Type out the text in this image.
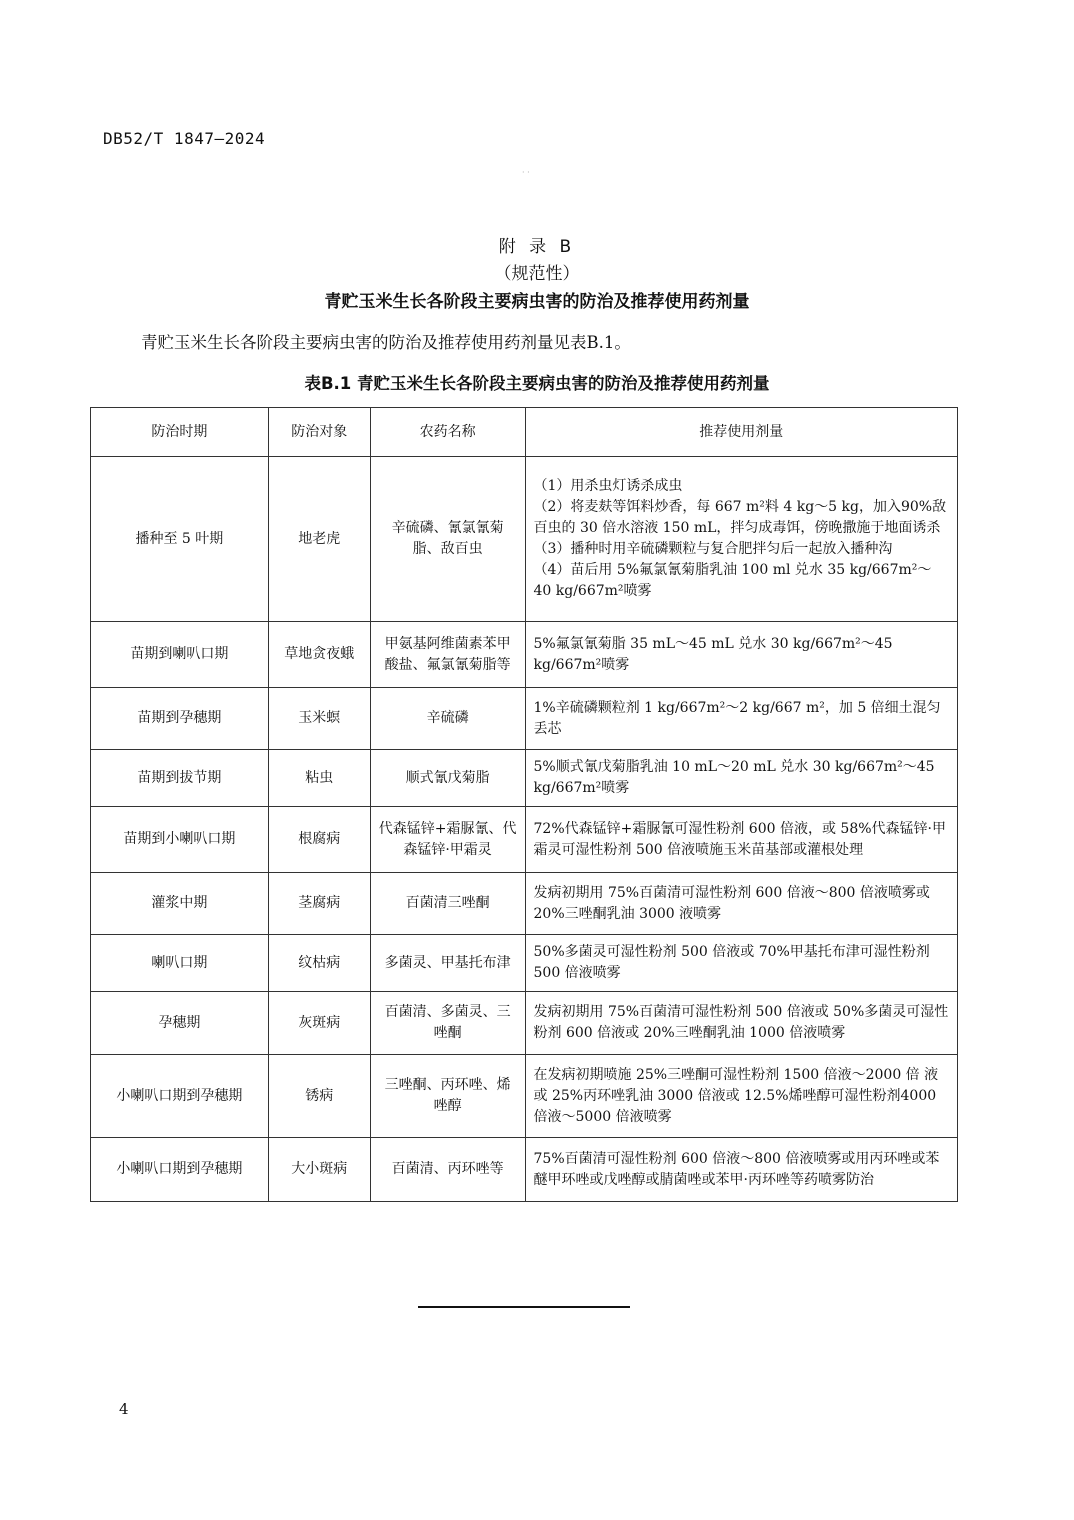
DB52/T 1847—2024
· ·
附 录 B
（规范性）
青贮玉米生长各阶段主要病虫害的防治及推荐使用药剂量
青贮玉米生长各阶段主要病虫害的防治及推荐使用药剂量见表B.1。
表B.1 青贮玉米生长各阶段主要病虫害的防治及推荐使用药剂量
防治时期	防治对象	农药名称	推荐使用剂量
播种至 5 叶期	地老虎	辛硫磷、氰氯氰菊脂、敌百虫	（1）用杀虫灯诱杀成虫
（2）将麦麸等饵料炒香，每 667 m²料 4 kg～5 kg，加入90%敌百虫的 30 倍水溶液 150 mL，拌匀成毒饵，傍晚撒施于地面诱杀
（3）播种时用辛硫磷颗粒与复合肥拌匀后一起放入播种沟
（4）苗后用 5%氟氯氰菊脂乳油 100 ml 兑水 35 kg/667m²～40 kg/667m²喷雾

苗期到喇叭口期	草地贪夜蛾	甲氨基阿维菌素苯甲酸盐、氟氯氰菊脂等	5%氟氯氰菊脂 35 mL～45 mL 兑水 30 kg/667m²～45 kg/667m²喷雾

苗期到孕穗期	玉米螟	辛硫磷	1%辛硫磷颗粒剂 1 kg/667m²～2 kg/667 m²，加 5 倍细土混匀丢芯

苗期到拔节期	粘虫	顺式氰戊菊脂	5%顺式氰戊菊脂乳油 10 mL～20 mL 兑水 30 kg/667m²～45 kg/667m²喷雾

苗期到小喇叭口期	根腐病	代森锰锌+霜脲氰、代森锰锌·甲霜灵	72%代森锰锌+霜脲氰可湿性粉剂 600 倍液，或 58%代森锰锌·甲霜灵可湿性粉剂 500 倍液喷施玉米苗基部或灌根处理

灌浆中期	茎腐病	百菌清三唑酮	发病初期用 75%百菌清可湿性粉剂 600 倍液～800 倍液喷雾或 20%三唑酮乳油 3000 液喷雾

喇叭口期	纹枯病	多菌灵、甲基托布津	50%多菌灵可湿性粉剂 500 倍液或 70%甲基托布津可湿性粉剂 500 倍液喷雾

孕穗期	灰斑病	百菌清、多菌灵、三唑酮	发病初期用 75%百菌清可湿性粉剂 500 倍液或 50%多菌灵可湿性粉剂 600 倍液或 20%三唑酮乳油 1000 倍液喷雾

小喇叭口期到孕穗期	锈病	三唑酮、丙环唑、烯唑醇	在发病初期喷施 25%三唑酮可湿性粉剂 1500 倍液～2000 倍 液或 25%丙环唑乳油 3000 倍液或 12.5%烯唑醇可湿性粉剂4000 倍液～5000 倍液喷雾

小喇叭口期到孕穗期	大小斑病	百菌清、丙环唑等	75%百菌清可湿性粉剂 600 倍液～800 倍液喷雾或用丙环唑或苯醚甲环唑或戊唑醇或腈菌唑或苯甲·丙环唑等药喷雾防治
4
